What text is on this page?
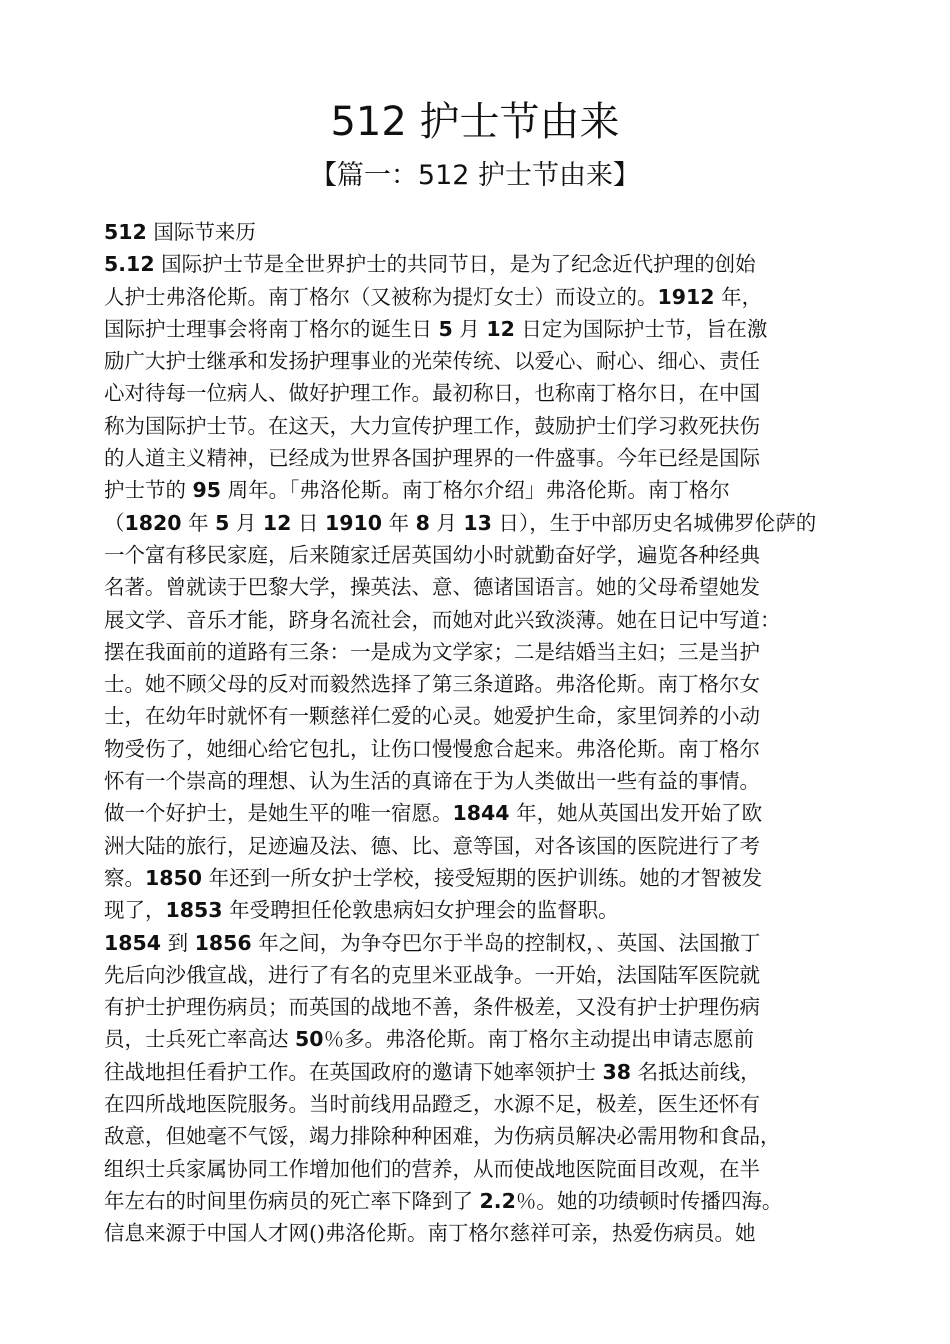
512 护士节由来
【篇一：512 护士节由来】
512 国际节来历
5.12 国际护士节是全世界护士的共同节日，是为了纪念近代护理的创始
人护士弗洛伦斯。南丁格尔（又被称为提灯女士）而设立的。1912 年，
国际护士理事会将南丁格尔的诞生日 5 月 12 日定为国际护士节，旨在激
励广大护士继承和发扬护理事业的光荣传统、以爱心、耐心、细心、责任
心对待每一位病人、做好护理工作。最初称日，也称南丁格尔日，在中国
称为国际护士节。在这天，大力宣传护理工作，鼓励护士们学习救死扶伤
的人道主义精神，已经成为世界各国护理界的一件盛事。今年已经是国际
护士节的 95 周年。「弗洛伦斯。南丁格尔介绍」弗洛伦斯。南丁格尔
（1820 年 5 月 12 日 1910 年 8 月 13 日），生于中部历史名城佛罗伦萨的
一个富有移民家庭，后来随家迁居英国幼小时就勤奋好学，遍览各种经典
名著。曾就读于巴黎大学，操英法、意、德诸国语言。她的父母希望她发
展文学、音乐才能，跻身名流社会，而她对此兴致淡薄。她在日记中写道：
摆在我面前的道路有三条：一是成为文学家；二是结婚当主妇；三是当护
士。她不顾父母的反对而毅然选择了第三条道路。弗洛伦斯。南丁格尔女
士，在幼年时就怀有一颗慈祥仁爱的心灵。她爱护生命，家里饲养的小动
物受伤了，她细心给它包扎，让伤口慢慢愈合起来。弗洛伦斯。南丁格尔
怀有一个崇高的理想、认为生活的真谛在于为人类做出一些有益的事情。
做一个好护士，是她生平的唯一宿愿。1844 年，她从英国出发开始了欧
洲大陆的旅行，足迹遍及法、德、比、意等国，对各该国的医院进行了考
察。1850 年还到一所女护士学校，接受短期的医护训练。她的才智被发
现了，1853 年受聘担任伦敦患病妇女护理会的监督职。
1854 到 1856 年之间，为争夺巴尔于半岛的控制权，、英国、法国撤丁
先后向沙俄宣战，进行了有名的克里米亚战争。一开始，法国陆军医院就
有护士护理伤病员；而英国的战地不善，条件极差，又没有护士护理伤病
员，士兵死亡率高达 50％多。弗洛伦斯。南丁格尔主动提出申请志愿前
往战地担任看护工作。在英国政府的邀请下她率领护士 38 名抵达前线，
在四所战地医院服务。当时前线用品蹬乏，水源不足，极差，医生还怀有
敌意，但她毫不气馁，竭力排除种种困难，为伤病员解决必需用物和食品，
组织士兵家属协同工作增加他们的营养，从而使战地医院面目改观，在半
年左右的时间里伤病员的死亡率下降到了 2.2％。她的功绩顿时传播四海。
信息来源于中国人才网()弗洛伦斯。南丁格尔慈祥可亲，热爱伤病员。她
